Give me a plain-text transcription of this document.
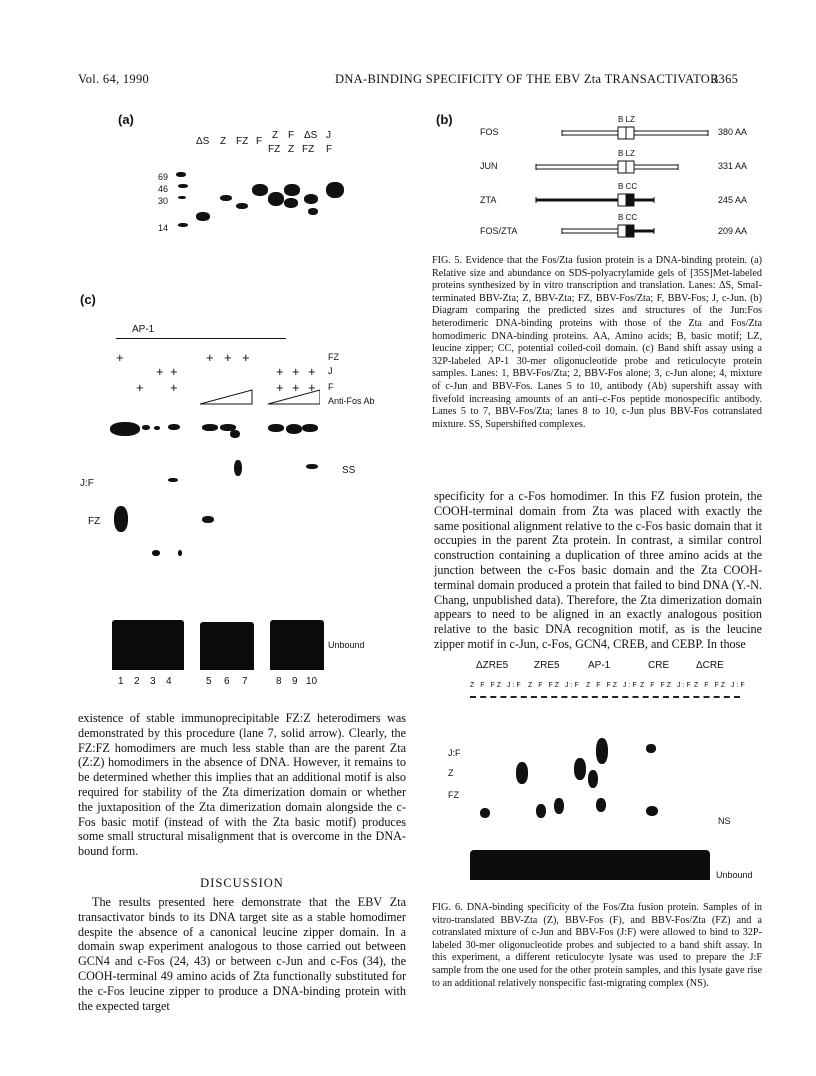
Vol. 64, 1990	DNA-BINDING SPECIFICITY OF THE EBV Zta TRANSACTIVATOR
3365
(a)
ΔS Z FZ F
Z F ΔS J
FZ Z FZ F
69
46
30
14
(b)
FOS
B LZ
380 AA
JUN
B LZ
331 AA
ZTA
B CC
245 AA
FOS/ZTA
B CC
209 AA

FIG. 5. Evidence that the Fos/Zta fusion protein is a DNA-binding protein. (a) Relative size and abundance on SDS-polyacrylamide gels of [35S]Met-labeled proteins synthesized by in vitro transcription and translation. Lanes: ΔS, SmaI-terminated BBV-Zta; Z, BBV-Zta; FZ, BBV-Fos/Zta; F, BBV-Fos; J, c-Jun. (b) Diagram comparing the predicted sizes and structures of the Jun:Fos heterodimeric DNA-binding proteins with those of the Zta and Fos/Zta homodimeric DNA-binding proteins. AA, Amino acids; B, basic motif; LZ, leucine zipper; CC, potential coiled-coil domain. (c) Band shift assay using a 32P-labeled AP-1 30-mer oligonucleotide probe and reticulocyte protein samples. Lanes: 1, BBV-Fos/Zta; 2, BBV-Fos alone; 3, c-Jun alone; 4, mixture of c-Jun and BBV-Fos. Lanes 5 to 10, antibody (Ab) supershift assay with fivefold increasing amounts of an anti–c-Fos peptide monospecific antibody. Lanes 5 to 7, BBV-Fos/Zta; lanes 8 to 10, c-Jun plus BBV-Fos cotranslated mixture. SS, Supershifted complexes.

(c)
AP-1
+	+ + +	FZ
+ +	+ + + J
+ +	+ + + F
Anti-Fos Ab
SS
J:F
FZ
Unbound
1 2 3 4	5 6 7	8 9 10

specificity for a c-Fos homodimer. In this FZ fusion protein, the COOH-terminal domain from Zta was placed with exactly the same positional alignment relative to the c-Fos basic domain that it occupies in the parent Zta protein. In contrast, a similar control construction containing a duplication of three amino acids at the junction between the c-Fos basic domain and the Zta COOH-terminal domain produced a protein that failed to bind DNA (Y.-N. Chang, unpublished data). Therefore, the Zta dimerization domain appears to need to be aligned in an exactly analogous position relative to the basic DNA recognition motif, as is the leucine zipper motif in c-Jun, c-Fos, GCN4, CREB, and CEBP. In those

ΔZRE5	ZRE5	AP-1	CRE	ΔCRE
Z F FZ J:F Z F FZ J:F Z F FZ J:F Z F FZ J:F Z F FZ J:F
J:F
Z
FZ
NS
Unbound

FIG. 6. DNA-binding specificity of the Fos/Zta fusion protein. Samples of in vitro-translated BBV-Zta (Z), BBV-Fos (F), and BBV-Fos/Zta (FZ) and a cotranslated mixture of c-Jun and BBV-Fos (J:F) were allowed to bind to 32P-labeled 30-mer oligonucleotide probes and subjected to a band shift assay. In this experiment, a different reticulocyte lysate was used to prepare the J:F sample from the one used for the other protein samples, and this lysate gave rise to an additional relatively nonspecific fast-migrating complex (NS).

existence of stable immunoprecipitable FZ:Z heterodimers was demonstrated by this procedure (lane 7, solid arrow). Clearly, the FZ:FZ homodimers are much less stable than are the parent Zta (Z:Z) homodimers in the absence of DNA. However, it remains to be determined whether this implies that an additional motif is also required for stability of the Zta dimerization domain or whether the juxtaposition of the Zta dimerization domain alongside the c-Fos basic motif (instead of with the Zta basic motif) produces some small structural misalignment that is overcome in the DNA-bound form.

DISCUSSION

The results presented here demonstrate that the EBV Zta transactivator binds to its DNA target site as a stable homodimer despite the absence of a canonical leucine zipper domain. In a domain swap experiment analogous to those carried out between GCN4 and c-Fos (24, 43) or between c-Jun and c-Fos (34), the COOH-terminal 49 amino acids of Zta functionally substituted for the c-Fos leucine zipper to produce a DNA-binding protein with the expected target
